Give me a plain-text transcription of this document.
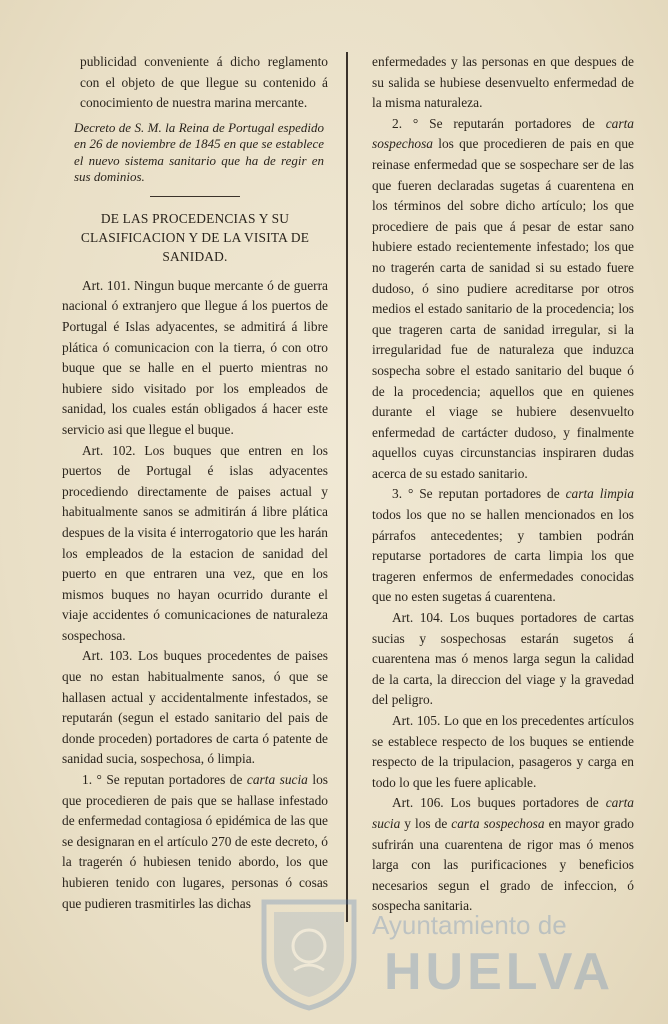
publicidad conveniente á dicho reglamento con el objeto de que llegue su contenido á conocimiento de nuestra marina mercante.

Decreto de S. M. la Reina de Portugal espedido en 26 de noviembre de 1845 en que se establece el nuevo sistema sanitario que ha de regir en sus dominios.

DE LAS PROCEDENCIAS Y SU CLASIFICACION Y DE LA VISITA DE SANIDAD.

Art. 101. Ningun buque mercante ó de guerra nacional ó extranjero que llegue á los puertos de Portugal é Islas adyacentes, se admitirá á libre plática ó comunicacion con la tierra, ó con otro buque que se halle en el puerto mientras no hubiere sido visitado por los empleados de sanidad, los cuales están obligados á hacer este servicio asi que llegue el buque.

Art. 102. Los buques que entren en los puertos de Portugal é islas adyacentes procediendo directamente de paises actual y habitualmente sanos se admitirán á libre plática despues de la visita é interrogatorio que les harán los empleados de la estacion de sanidad del puerto en que entraren una vez, que en los mismos buques no hayan ocurrido durante el viaje accidentes ó comunicaciones de naturaleza sospechosa.

Art. 103. Los buques procedentes de paises que no estan habitualmente sanos, ó que se hallasen actual y accidentalmente infestados, se reputarán (segun el estado sanitario del pais de donde proceden) portadores de carta ó patente de sanidad sucia, sospechosa, ó limpia.

1. ° Se reputan portadores de carta sucia los que procedieren de pais que se hallase infestado de enfermedad contagiosa ó epidémica de las que se designaran en el artículo 270 de este decreto, ó la tragerén ó hubiesen tenido abordo, los que hubieren tenido con lugares, personas ó cosas que pudieren trasmitirles las dichas

enfermedades y las personas en que despues de su salida se hubiese desenvuelto enfermedad de la misma naturaleza.

2. ° Se reputarán portadores de carta sospechosa los que procedieren de pais en que reinase enfermedad que se sospechare ser de las que fueren declaradas sugetas á cuarentena en los términos del sobre dicho artículo; los que procediere de pais que á pesar de estar sano hubiere estado recientemente infestado; los que no tragerén carta de sanidad si su estado fuere dudoso, ó sino pudiere acreditarse por otros medios el estado sanitario de la procedencia; los que trageren carta de sanidad irregular, si la irregularidad fue de naturaleza que induzca sospecha sobre el estado sanitario del buque ó de la procedencia; aquellos que en quienes durante el viage se hubiere desenvuelto enfermedad de cartácter dudoso, y finalmente aquellos cuyas circunstancias inspiraren dudas acerca de su estado sanitario.

3. ° Se reputan portadores de carta limpia todos los que no se hallen mencionados en los párrafos antecedentes; y tambien podrán reputarse portadores de carta limpia los que trageren enfermos de enfermedades conocidas que no esten sugetas á cuarentena.

Art. 104. Los buques portadores de cartas sucias y sospechosas estarán sugetos á cuarentena mas ó menos larga segun la calidad de la carta, la direccion del viage y la gravedad del peligro.

Art. 105. Lo que en los precedentes artículos se establece respecto de los buques se entiende respecto de la tripulacion, pasageros y carga en todo lo que les fuere aplicable.

Art. 106. Los buques portadores de carta sucia y los de carta sospechosa en mayor grado sufrirán una cuarentena de rigor mas ó menos larga con las purificaciones y beneficios necesarios segun el grado de infeccion, ó sospecha sanitaria.

Ayuntamiento de
HUELVA
